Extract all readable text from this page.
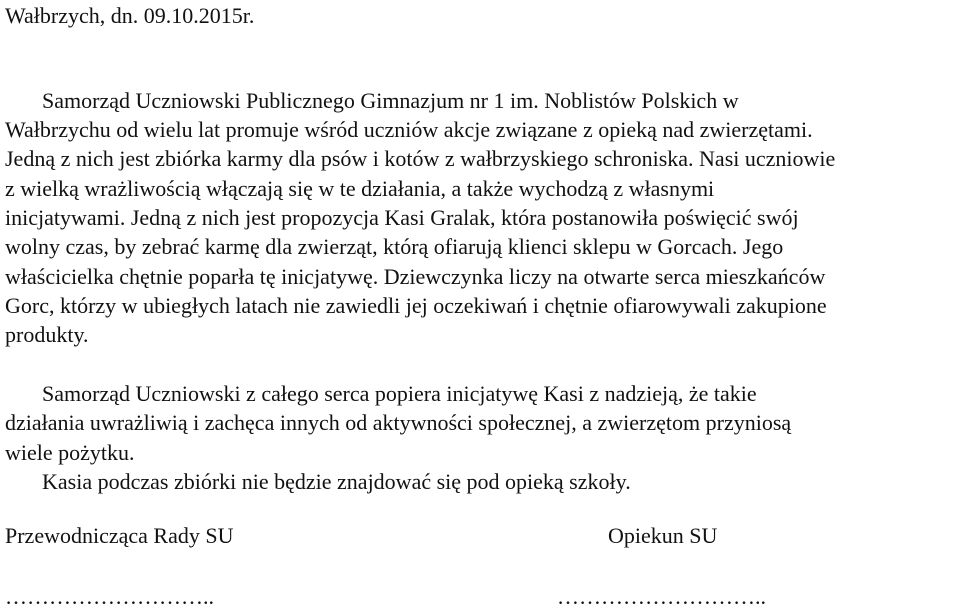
Wałbrzych, dn. 09.10.2015r.
Samorząd Uczniowski Publicznego Gimnazjum nr 1 im. Noblistów Polskich w
Wałbrzychu od wielu lat promuje wśród uczniów akcje związane z opieką nad zwierzętami.
Jedną z nich jest zbiórka karmy dla psów i kotów z wałbrzyskiego schroniska. Nasi uczniowie
z wielką wrażliwością włączają się w te działania, a także wychodzą z własnymi
inicjatywami. Jedną z nich jest propozycja Kasi Gralak, która postanowiła poświęcić swój
wolny czas, by zebrać karmę dla zwierząt, którą ofiarują klienci sklepu w Gorcach. Jego
właścicielka chętnie poparła tę inicjatywę. Dziewczynka liczy na otwarte serca mieszkańców
Gorc, którzy w ubiegłych latach nie zawiedli jej oczekiwań i chętnie ofiarowywali zakupione
produkty.
Samorząd Uczniowski z całego serca popiera inicjatywę Kasi z nadzieją, że takie
działania uwrażliwią i zachęca innych od aktywności społecznej, a zwierzętom przyniosą
wiele pożytku.
Kasia podczas zbiórki nie będzie znajdować się pod opieką szkoły.
Przewodnicząca Rady SU	Opiekun SU
………………………..	………………………..
